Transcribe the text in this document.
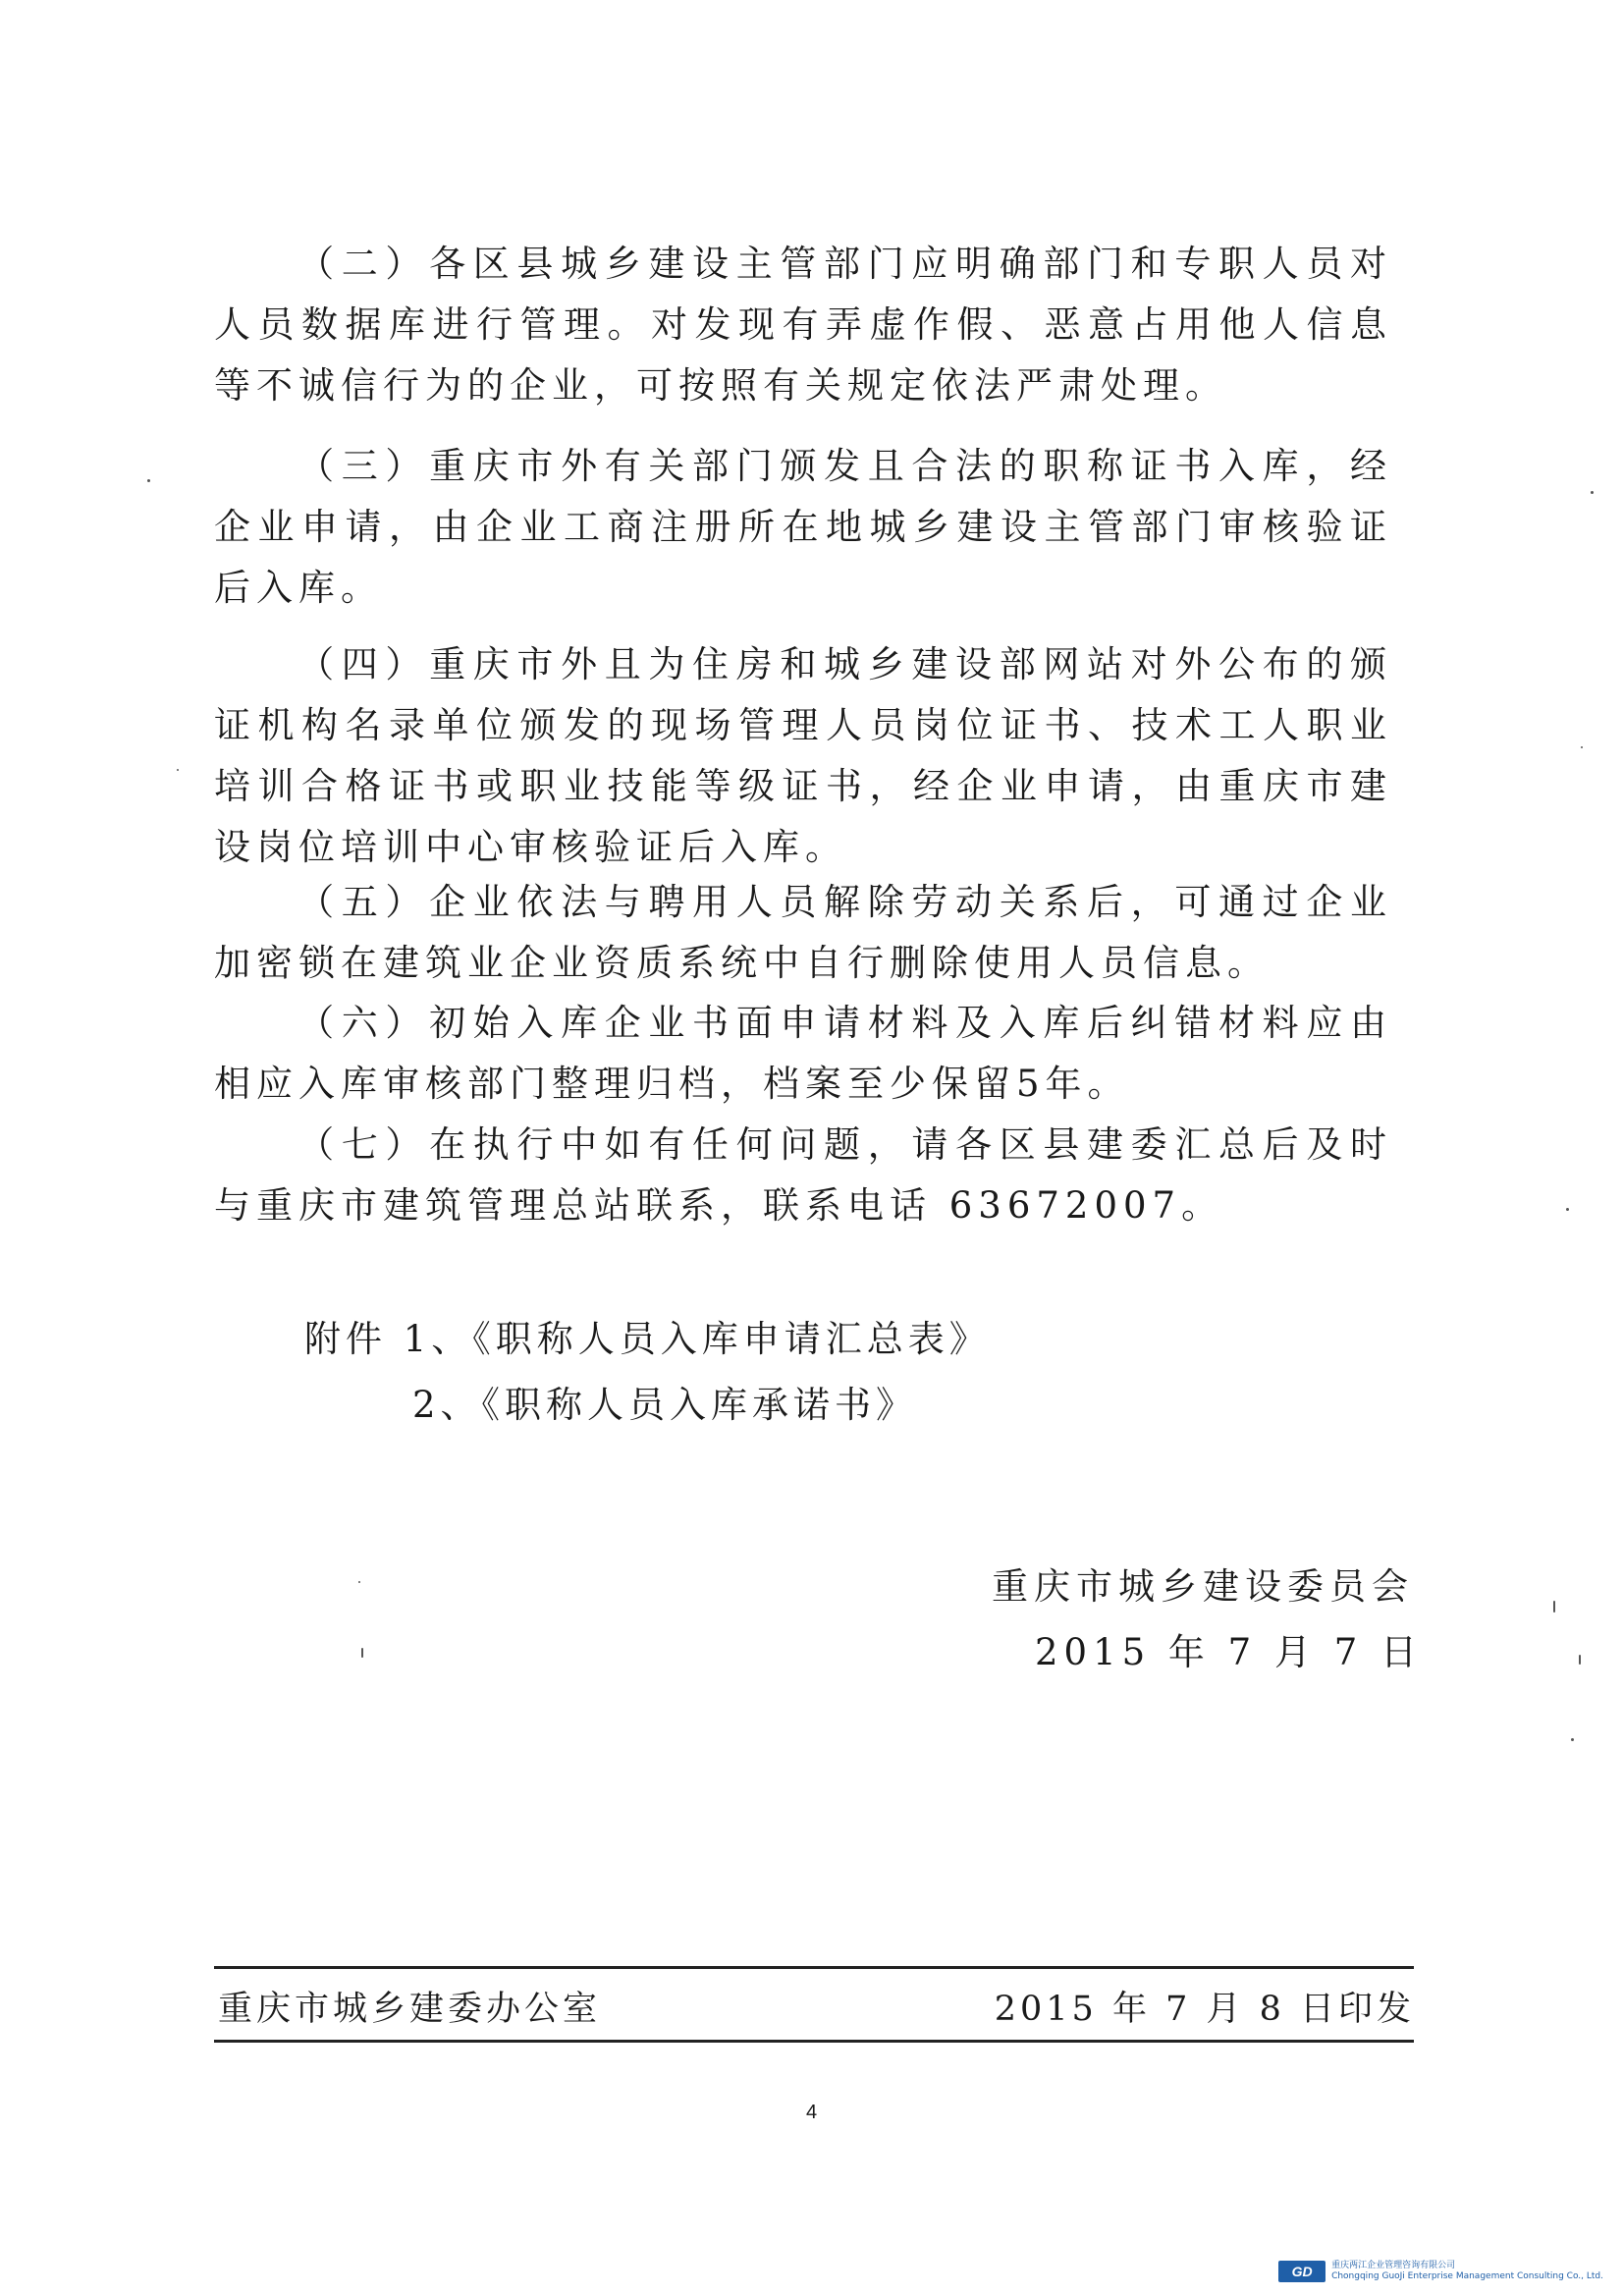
（二）各区县城乡建设主管部门应明确部门和专职人员对人员数据库进行管理。对发现有弄虚作假、恶意占用他人信息等不诚信行为的企业，可按照有关规定依法严肃处理。

（三）重庆市外有关部门颁发且合法的职称证书入库，经企业申请，由企业工商注册所在地城乡建设主管部门审核验证后入库。

（四）重庆市外且为住房和城乡建设部网站对外公布的颁证机构名录单位颁发的现场管理人员岗位证书、技术工人职业培训合格证书或职业技能等级证书，经企业申请，由重庆市建设岗位培训中心审核验证后入库。

（五）企业依法与聘用人员解除劳动关系后，可通过企业加密锁在建筑业企业资质系统中自行删除使用人员信息。

（六）初始入库企业书面申请材料及入库后纠错材料应由相应入库审核部门整理归档，档案至少保留5年。

（七）在执行中如有任何问题，请各区县建委汇总后及时与重庆市建筑管理总站联系，联系电话 63672007。

附件 1、《职称人员入库申请汇总表》

2、《职称人员入库承诺书》

重庆市城乡建设委员会

2015 年 7 月 7 日

重庆市城乡建委办公室	2015 年 7 月 8 日印发

4

GD	重庆两江企业管理咨询有限公司
Chongqing GuoJi Enterprise Management Consulting Co., Ltd.
